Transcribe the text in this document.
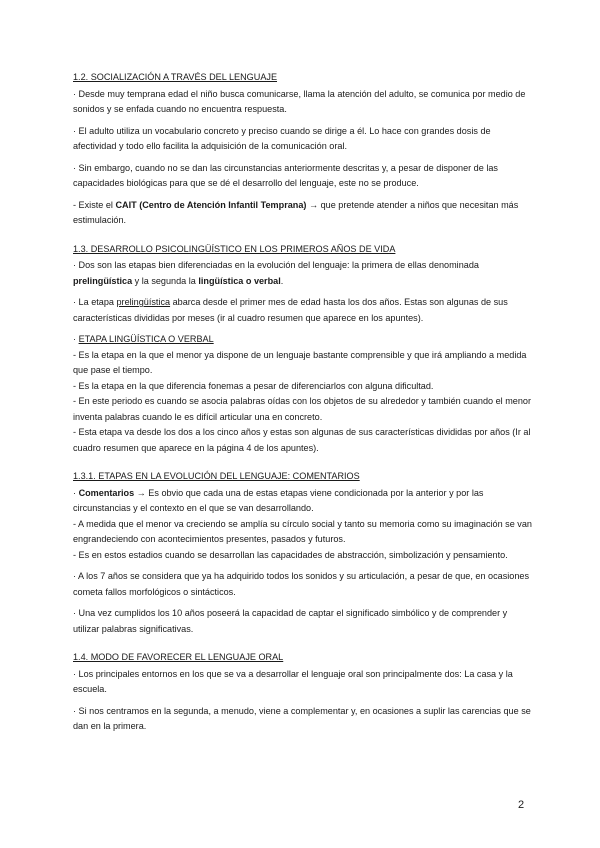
1.2. SOCIALIZACIÓN A TRAVÉS DEL LENGUAJE

· Desde muy temprana edad el niño busca comunicarse, llama la atención del adulto, se comunica por medio de sonidos y se enfada cuando no encuentra respuesta.

· El adulto utiliza un vocabulario concreto y preciso cuando se dirige a él. Lo hace con grandes dosis de afectividad y todo ello facilita la adquisición de la comunicación oral.

· Sin embargo, cuando no se dan las circunstancias anteriormente descritas y, a pesar de disponer de las capacidades biológicas para que se dé el desarrollo del lenguaje, este no se produce.

- Existe el CAIT (Centro de Atención Infantil Temprana) → que pretende atender a niños que necesitan más estimulación.

1.3. DESARROLLO PSICOLINGÜÍSTICO EN LOS PRIMEROS AÑOS DE VIDA

· Dos son las etapas bien diferenciadas en la evolución del lenguaje: la primera de ellas denominada prelingüística y la segunda la lingüística o verbal.

· La etapa prelingüística abarca desde el primer mes de edad hasta los dos años. Estas son algunas de sus características divididas por meses (ir al cuadro resumen que aparece en los apuntes).

· ETAPA LINGÜÍSTICA O VERBAL

- Es la etapa en la que el menor ya dispone de un lenguaje bastante comprensible y que irá ampliando a medida que pase el tiempo.

- Es la etapa en la que diferencia fonemas a pesar de diferenciarlos con alguna dificultad.

- En este periodo es cuando se asocia palabras oídas con los objetos de su alrededor y también cuando el menor inventa palabras cuando le es difícil articular una en concreto.

- Esta etapa va desde los dos a los cinco años y estas son algunas de sus características divididas por años (Ir al cuadro resumen que aparece en la página 4 de los apuntes).

1.3.1. ETAPAS EN LA EVOLUCIÓN DEL LENGUAJE: COMENTARIOS

· Comentarios → Es obvio que cada una de estas etapas viene condicionada por la anterior y por las circunstancias y el contexto en el que se van desarrollando.

- A medida que el menor va creciendo se amplía su círculo social y tanto su memoria como su imaginación se van engrandeciendo con acontecimientos presentes, pasados y futuros.

- Es en estos estadios cuando se desarrollan las capacidades de abstracción, simbolización y pensamiento.

· A los 7 años se considera que ya ha adquirido todos los sonidos y su articulación, a pesar de que, en ocasiones cometa fallos morfológicos o sintácticos.

· Una vez cumplidos los 10 años poseerá la capacidad de captar el significado simbólico y de comprender y utilizar palabras significativas.

1.4. MODO DE FAVORECER EL LENGUAJE ORAL

· Los principales entornos en los que se va a desarrollar el lenguaje oral son principalmente dos: La casa y la escuela.

· Si nos centramos en la segunda, a menudo, viene a complementar y, en ocasiones a suplir las carencias que se dan en la primera.

2
